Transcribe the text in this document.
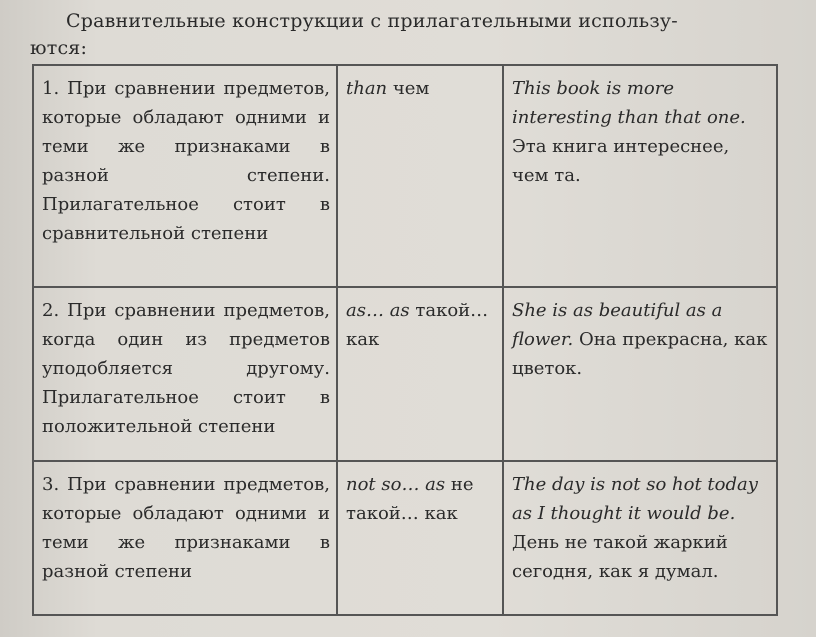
Сравнительные конструкции с прилагательными использу-
ются:
1. При сравнении предметов, которые обладают одними и теми же признаками в разной степени. Прилагательное стоит в сравнительной степени	than чем	This book is more interesting than that one. Эта книга интереснее, чем та.

2. При сравнении предметов, когда один из предметов уподобляется другому. Прилагательное стоит в положительной степени	as… as такой… как	She is as beautiful as a flower. Она прекрасна, как цветок.

3. При сравнении предметов, которые обладают одними и теми же признаками в разной степени	not so… as не такой… как	The day is not so hot today as I thought it would be. День не такой жаркий сегодня, как я думал.
